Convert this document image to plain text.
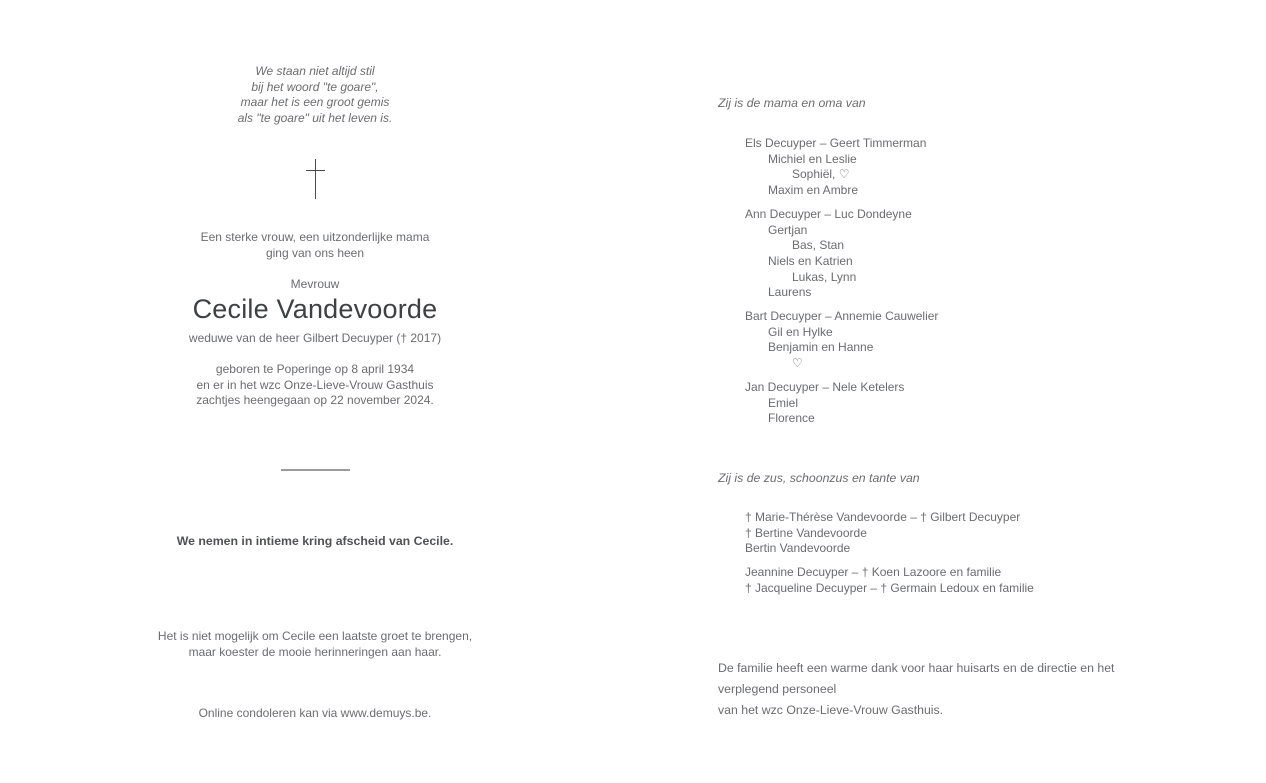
We staan niet altijd stil
bij het woord "te goare",
maar het is een groot gemis
als "te goare" uit het leven is.
Een sterke vrouw, een uitzonderlijke mama
ging van ons heen
Mevrouw
Cecile Vandevoorde
weduwe van de heer Gilbert Decuyper († 2017)
geboren te Poperinge op 8 april 1934
en er in het wzc Onze-Lieve-Vrouw Gasthuis
zachtjes heengegaan op 22 november 2024.
We nemen in intieme kring afscheid van Cecile.
Het is niet mogelijk om Cecile een laatste groet te brengen,
maar koester de mooie herinneringen aan haar.
Online condoleren kan via www.demuys.be.
Zij is de mama en oma van
Els Decuyper – Geert Timmerman
Michiel en Leslie
Sophiël, ♡
Maxim en Ambre
Ann Decuyper – Luc Dondeyne
Gertjan
Bas, Stan
Niels en Katrien
Lukas, Lynn
Laurens
Bart Decuyper – Annemie Cauwelier
Gil en Hylke
Benjamin en Hanne
♡
Jan Decuyper – Nele Ketelers
Emiel
Florence
Zij is de zus, schoonzus en tante van
† Marie-Thérèse Vandevoorde – † Gilbert Decuyper
† Bertine Vandevoorde
Bertin Vandevoorde
Jeannine Decuyper – † Koen Lazoore en familie
† Jacqueline Decuyper – † Germain Ledoux en familie
De familie heeft een warme dank voor haar huisarts en de directie en het verplegend personeel
van het wzc Onze-Lieve-Vrouw Gasthuis.
